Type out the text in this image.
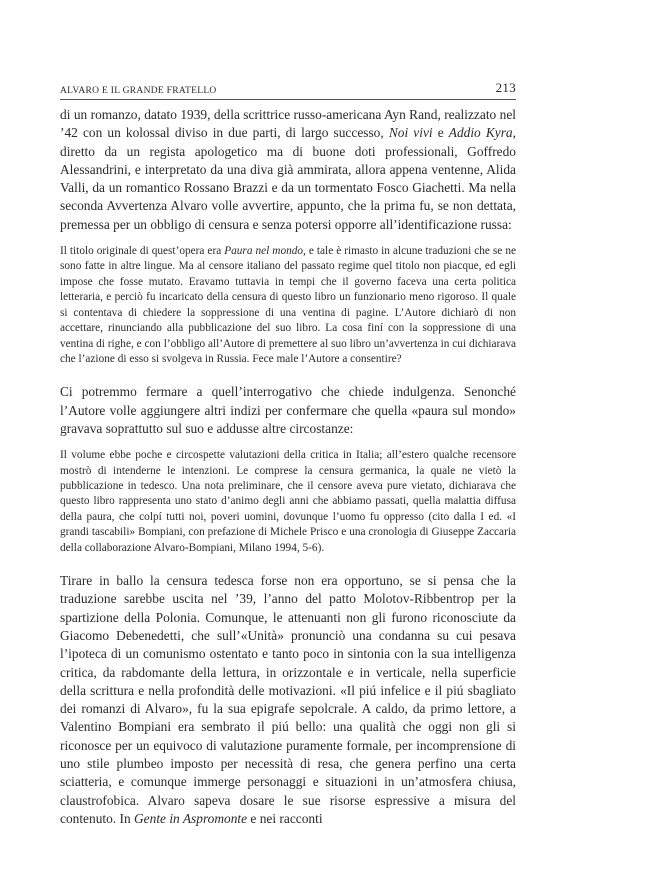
ALVARO E IL GRANDE FRATELLO	213

di un romanzo, datato 1939, della scrittrice russo-americana Ayn Rand, realizzato nel ’42 con un kolossal diviso in due parti, di largo successo, Noi vivi e Addio Kyra, diretto da un regista apologetico ma di buone doti professionali, Goffredo Alessandrini, e interpretato da una diva già ammirata, allora appena ventenne, Alida Valli, da un romantico Rossano Brazzi e da un tormentato Fosco Giachetti. Ma nella seconda Avvertenza Alvaro volle avvertire, appunto, che la prima fu, se non dettata, premessa per un obbligo di censura e senza potersi opporre all’identificazione russa:

Il titolo originale di quest’opera era Paura nel mondo, e tale è rimasto in alcune traduzioni che se ne sono fatte in altre lingue. Ma al censore italiano del passato regime quel titolo non piacque, ed egli impose che fosse mutato. Eravamo tuttavia in tempi che il governo faceva una certa politica letteraria, e perciò fu incaricato della censura di questo libro un funzionario meno rigoroso. Il quale si contentava di chiedere la soppressione di una ventina di pagine. L’Autore dichiarò di non accettare, rinunciando alla pubblicazione del suo libro. La cosa finí con la soppressione di una ventina di righe, e con l’obbligo all’Autore di premettere al suo libro un’avvertenza in cui dichiarava che l’azione di esso si svolgeva in Russia. Fece male l’Autore a consentire?

Ci potremmo fermare a quell’interrogativo che chiede indulgenza. Senonché l’Autore volle aggiungere altri indizi per confermare che quella «paura sul mondo» gravava soprattutto sul suo e addusse altre circostanze:

Il volume ebbe poche e circospette valutazioni della critica in Italia; all’estero qualche recensore mostrò di intenderne le intenzioni. Le comprese la censura germanica, la quale ne vietò la pubblicazione in tedesco. Una nota preliminare, che il censore aveva pure vietato, dichiarava che questo libro rappresenta uno stato d’animo degli anni che abbiamo passati, quella malattia diffusa della paura, che colpí tutti noi, poveri uomini, dovunque l’uomo fu oppresso (cito dalla I ed. «I grandi tascabili» Bompiani, con prefazione di Michele Prisco e una cronologia di Giuseppe Zaccaria della collaborazione Alvaro-Bompiani, Milano 1994, 5-6).

Tirare in ballo la censura tedesca forse non era opportuno, se si pensa che la traduzione sarebbe uscita nel ’39, l’anno del patto Molotov-Ribbentrop per la spartizione della Polonia. Comunque, le attenuanti non gli furono riconosciute da Giacomo Debenedetti, che sull’«Unità» pronunciò una condanna su cui pesava l’ipoteca di un comunismo ostentato e tanto poco in sintonia con la sua intelligenza critica, da rabdomante della lettura, in orizzontale e in verticale, nella superficie della scrittura e nella profondità delle motivazioni. «Il piú infelice e il piú sbagliato dei romanzi di Alvaro», fu la sua epigrafe sepolcrale. A caldo, da primo lettore, a Valentino Bompiani era sembrato il piú bello: una qualità che oggi non gli si riconosce per un equivoco di valutazione puramente formale, per incomprensione di uno stile plumbeo imposto per necessità di resa, che genera perfino una certa sciatteria, e comunque immerge personaggi e situazioni in un’atmosfera chiusa, claustrofobica. Alvaro sapeva dosare le sue risorse espressive a misura del contenuto. In Gente in Aspromonte e nei racconti
